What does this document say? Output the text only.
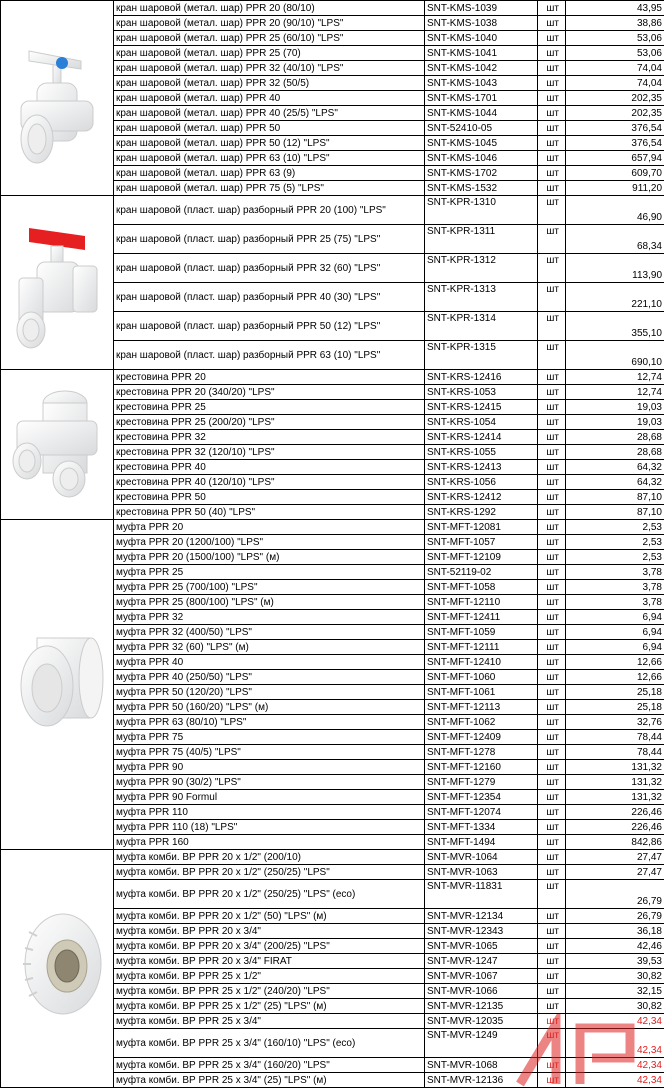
	кран шаровой (метал. шар) PPR 20 (80/10)	SNT-KMS-1039	шт	43,95
	кран шаровой (метал. шар) PPR 20 (90/10) "LPS"	SNT-KMS-1038	шт	38,86
	кран шаровой (метал. шар) PPR 25 (60/10) "LPS"	SNT-KMS-1040	шт	53,06
	кран шаровой (метал. шар) PPR 25 (70)	SNT-KMS-1041	шт	53,06
	кран шаровой (метал. шар) PPR 32 (40/10) "LPS"	SNT-KMS-1042	шт	74,04
	кран шаровой (метал. шар) PPR 32 (50/5)	SNT-KMS-1043	шт	74,04
	кран шаровой (метал. шар) PPR 40	SNT-KMS-1701	шт	202,35
	кран шаровой (метал. шар) PPR 40 (25/5) "LPS"	SNT-KMS-1044	шт	202,35
	кран шаровой (метал. шар) PPR 50	SNT-52410-05	шт	376,54
	кран шаровой (метал. шар) PPR 50 (12) "LPS"	SNT-KMS-1045	шт	376,54
	кран шаровой (метал. шар) PPR 63 (10) "LPS"	SNT-KMS-1046	шт	657,94
	кран шаровой (метал. шар) PPR 63 (9)	SNT-KMS-1702	шт	609,70
	кран шаровой (метал. шар) PPR 75 (5) "LPS"	SNT-KMS-1532	шт	911,20
	кран шаровой (пласт. шар) разборный PPR 20 (100) "LPS"	SNT-KPR-1310	шт	46,90
	кран шаровой (пласт. шар) разборный PPR 25 (75) "LPS"	SNT-KPR-1311	шт	68,34
	кран шаровой (пласт. шар) разборный PPR 32 (60) "LPS"	SNT-KPR-1312	шт	113,90
	кран шаровой (пласт. шар) разборный PPR 40 (30) "LPS"	SNT-KPR-1313	шт	221,10
	кран шаровой (пласт. шар) разборный PPR 50 (12) "LPS"	SNT-KPR-1314	шт	355,10
	кран шаровой (пласт. шар) разборный PPR 63 (10) "LPS"	SNT-KPR-1315	шт	690,10
	крестовина PPR 20	SNT-KRS-12416	шт	12,74
	крестовина PPR 20 (340/20) "LPS"	SNT-KRS-1053	шт	12,74
	крестовина PPR 25	SNT-KRS-12415	шт	19,03
	крестовина PPR 25 (200/20) "LPS"	SNT-KRS-1054	шт	19,03
	крестовина PPR 32	SNT-KRS-12414	шт	28,68
	крестовина PPR 32 (120/10) "LPS"	SNT-KRS-1055	шт	28,68
	крестовина PPR 40	SNT-KRS-12413	шт	64,32
	крестовина PPR 40 (120/10) "LPS"	SNT-KRS-1056	шт	64,32
	крестовина PPR 50	SNT-KRS-12412	шт	87,10
	крестовина PPR 50 (40) "LPS"	SNT-KRS-1292	шт	87,10
	муфта PPR 20	SNT-MFT-12081	шт	2,53
	муфта PPR 20 (1200/100) "LPS"	SNT-MFT-1057	шт	2,53
	муфта PPR 20 (1500/100) "LPS" (м)	SNT-MFT-12109	шт	2,53
	муфта PPR 25	SNT-52119-02	шт	3,78
	муфта PPR 25 (700/100) "LPS"	SNT-MFT-1058	шт	3,78
	муфта PPR 25 (800/100) "LPS" (м)	SNT-MFT-12110	шт	3,78
	муфта PPR 32	SNT-MFT-12411	шт	6,94
	муфта PPR 32 (400/50) "LPS"	SNT-MFT-1059	шт	6,94
	муфта PPR 32 (60) "LPS" (м)	SNT-MFT-12111	шт	6,94
	муфта PPR 40	SNT-MFT-12410	шт	12,66
	муфта PPR 40 (250/50) "LPS"	SNT-MFT-1060	шт	12,66
	муфта PPR 50 (120/20) "LPS"	SNT-MFT-1061	шт	25,18
	муфта PPR 50 (160/20) "LPS" (м)	SNT-MFT-12113	шт	25,18
	муфта PPR 63 (80/10) "LPS"	SNT-MFT-1062	шт	32,76
	муфта PPR 75	SNT-MFT-12409	шт	78,44
	муфта PPR 75 (40/5) "LPS"	SNT-MFT-1278	шт	78,44
	муфта PPR 90	SNT-MFT-12160	шт	131,32
	муфта PPR 90 (30/2) "LPS"	SNT-MFT-1279	шт	131,32
	муфта PPR 90 Formul	SNT-MFT-12354	шт	131,32
	муфта PPR 110	SNT-MFT-12074	шт	226,46
	муфта PPR 110 (18) "LPS"	SNT-MFT-1334	шт	226,46
	муфта PPR 160	SNT-MFT-1494	шт	842,86
	муфта комби. ВР PPR 20 х 1/2" (200/10)	SNT-MVR-1064	шт	27,47
	муфта комби. ВР PPR 20 х 1/2" (250/25) "LPS"	SNT-MVR-1063	шт	27,47
	муфта комби. ВР PPR 20 х 1/2" (250/25) "LPS" (eco)	SNT-MVR-11831	шт	26,79
	муфта комби. ВР PPR 20 х 1/2" (50) "LPS" (м)	SNT-MVR-12134	шт	26,79
	муфта комби. ВР PPR 20 х 3/4"	SNT-MVR-12343	шт	36,18
	муфта комби. ВР PPR 20 х 3/4" (200/25) "LPS"	SNT-MVR-1065	шт	42,46
	муфта комби. ВР PPR 20 х 3/4" FIRAT	SNT-MVR-1247	шт	39,53
	муфта комби. ВР PPR 25 х 1/2"	SNT-MVR-1067	шт	30,82
	муфта комби. ВР PPR 25 х 1/2" (240/20) "LPS"	SNT-MVR-1066	шт	32,15
	муфта комби. ВР PPR 25 х 1/2" (25) "LPS" (м)	SNT-MVR-12135	шт	30,82
	муфта комби. ВР PPR 25 х 3/4"	SNT-MVR-12035	шт	42,34
	муфта комби. ВР PPR 25 х 3/4" (160/10) "LPS" (eco)	SNT-MVR-1249	шт	42,34
	муфта комби. ВР PPR 25 х 3/4" (160/20) "LPS"	SNT-MVR-1068	шт	42,34
	муфта комби. ВР PPR 25 х 3/4" (25) "LPS" (м)	SNT-MVR-12136	шт	42,34
